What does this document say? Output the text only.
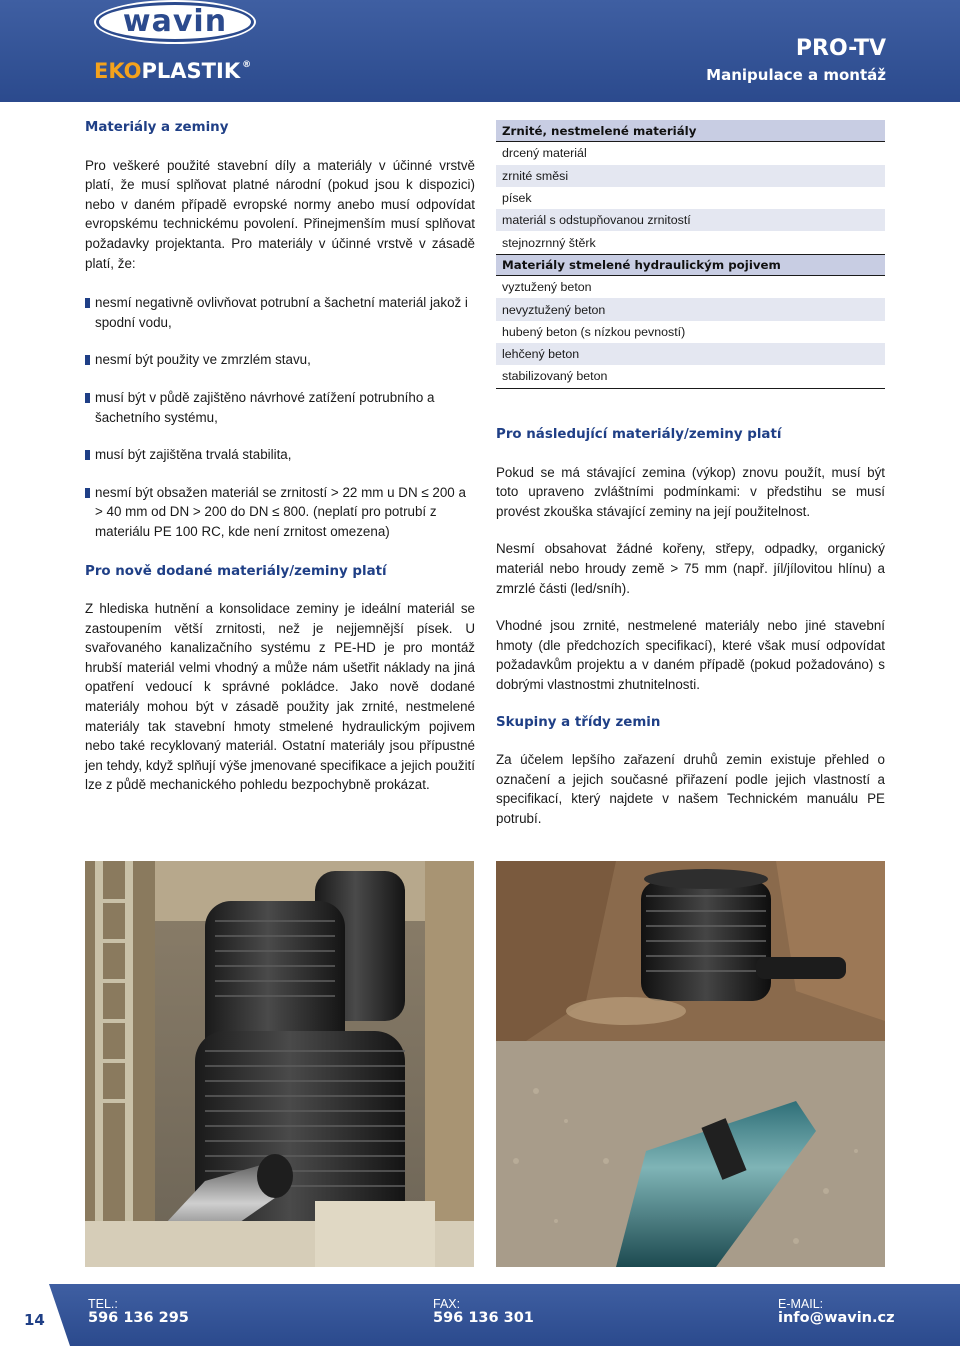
wavin
EKO PLASTIK ®
PRO-TV
Manipulace a montáž
Materiály a zeminy

Pro veškeré použité stavební díly a materiály v účinné vrstvě platí, že musí splňovat platné národní (pokud jsou k dispozici) nebo v daném případě evropské normy anebo musí odpovídat evropskému technickému povolení. Přinejmenším musí splňovat požadavky projektanta. Pro materiály v účinné vrstvě v zásadě platí, že:

nesmí negativně ovlivňovat potrubní a šachetní materiál jakož i spodní vodu,
nesmí být použity ve zmrzlém stavu,
musí být v půdě zajištěno návrhové zatížení potrubního a šachetního systému,
musí být zajištěna trvalá stabilita,
nesmí být obsažen materiál se zrnitostí > 22 mm u DN ≤ 200 a > 40 mm od DN > 200 do DN ≤ 800. (neplatí pro potrubí z materiálu PE 100 RC, kde není zrnitost omezena)
Pro nově dodané materiály/zeminy platí

Z hlediska hutnění a konsolidace zeminy je ideální materiál se zastoupením větší zrnitosti, než je nejjemnější písek. U svařovaného kanalizačního systému z PE-HD je pro montáž hrubší materiál velmi vhodný a může nám ušetřit náklady na jiná opatření vedoucí k správné pokládce. Jako nově dodané materiály mohou být v zásadě použity jak zrnité, nestmelené materiály tak stavební hmoty stmelené hydraulickým pojivem nebo také recyklovaný materiál. Ostatní materiály jsou přípustné jen tehdy, když splňují výše jmenované specifikace a jejich použití lze z půdě mechanického pohledu bezpochybně prokázat.

Zrnité, nestmelené materiály
drcený materiál
zrnité směsi
písek
materiál s odstupňovanou zrnitostí
stejnozrnný štěrk
Materiály stmelené hydraulickým pojivem
vyztužený beton
nevyztužený beton
hubený beton (s nízkou pevností)
lehčený beton
stabilizovaný beton
Pro následující materiály/zeminy platí

Pokud se má stávající zemina (výkop) znovu použít, musí být toto upraveno zvláštními podmínkami: v předstihu se musí provést zkouška stávající zeminy na její použitelnost.

Nesmí obsahovat žádné kořeny, střepy, odpadky, organický materiál nebo hroudy země > 75 mm (např. jíl/jílovitou hlínu) a zmrzlé části (led/sníh).

Vhodné jsou zrnité, nestmelené materiály nebo jiné stavební hmoty (dle předchozích specifikací), které však musí odpovídat požadavkům projektu a v daném případě (pokud požadováno) s dobrými vlastnostmi zhutnitelnosti.

Skupiny a třídy zemin

Za účelem lepšího zařazení druhů zemin existuje přehled o označení a jejich současné přiřazení podle jejich vlastností a specifikací, který najdete v našem Technickém manuálu PE potrubí.

14
TEL.:
596 136 295
FAX:
596 136 301
E-MAIL:
info@wavin.cz
